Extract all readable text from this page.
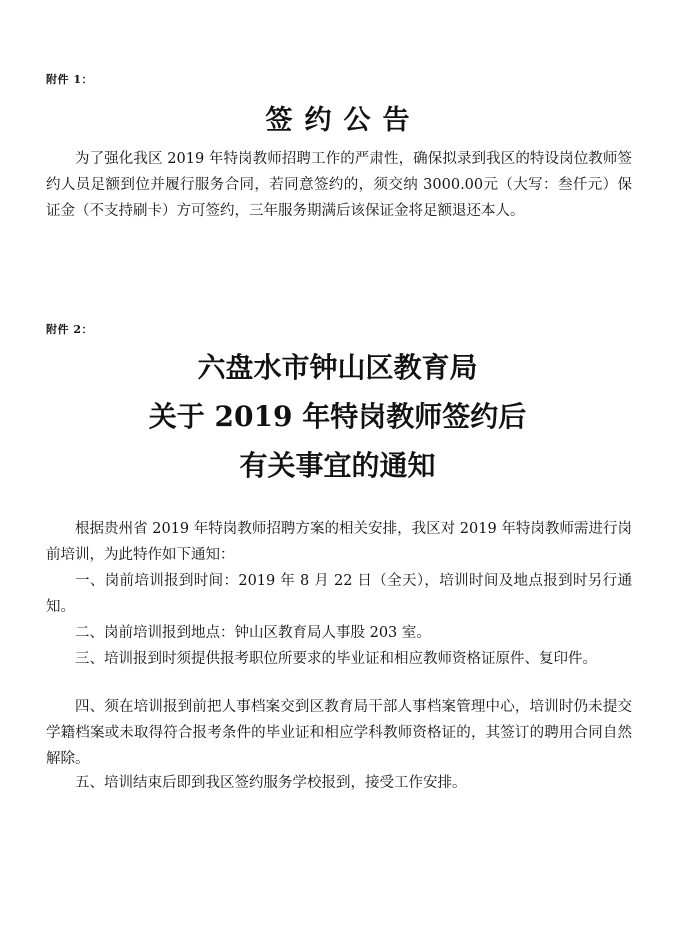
附件 1：
签约公告
为了强化我区 2019 年特岗教师招聘工作的严肃性，确保拟录到我区的特设岗位教师签约人员足额到位并履行服务合同，若同意签约的，须交纳 3000.00元（大写：叁仟元）保证金（不支持刷卡）方可签约，三年服务期满后该保证金将足额退还本人。
附件 2：
六盘水市钟山区教育局
关于 2019 年特岗教师签约后
有关事宜的通知
根据贵州省 2019 年特岗教师招聘方案的相关安排，我区对 2019 年特岗教师需进行岗前培训，为此特作如下通知：
一、岗前培训报到时间：2019 年 8 月 22 日（全天），培训时间及地点报到时另行通知。
二、岗前培训报到地点：钟山区教育局人事股 203 室。
三、培训报到时须提供报考职位所要求的毕业证和相应教师资格证原件、复印件。
四、须在培训报到前把人事档案交到区教育局干部人事档案管理中心，培训时仍未提交学籍档案或未取得符合报考条件的毕业证和相应学科教师资格证的，其签订的聘用合同自然解除。
五、培训结束后即到我区签约服务学校报到，接受工作安排。
